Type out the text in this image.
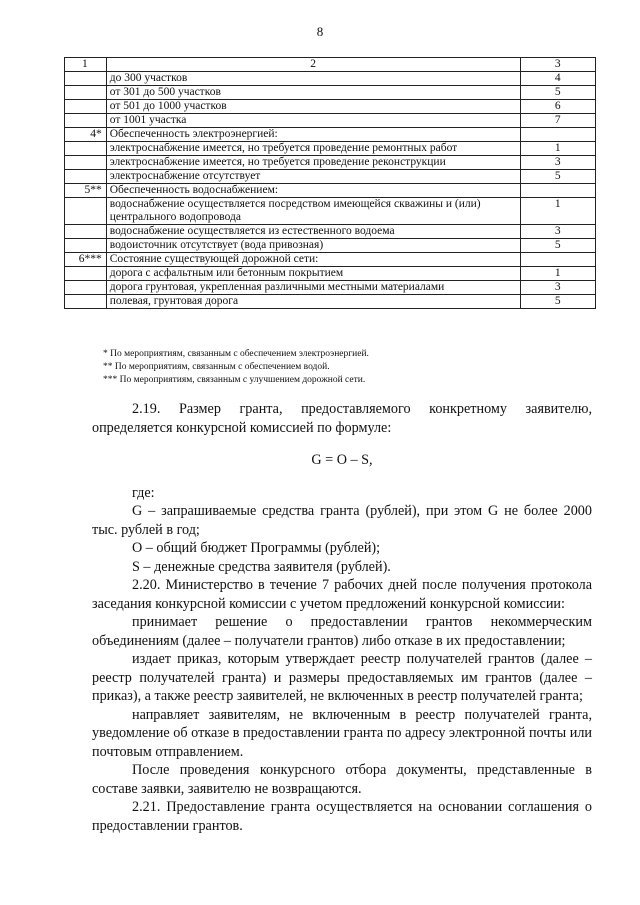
8
1	2	3
	до 300 участков	4
	от 301 до 500 участков	5
	от 501 до 1000 участков	6
	от 1001 участка	7
4*	Обеспеченность электроэнергией:	
	электроснабжение имеется, но требуется проведение ремонтных работ	1
	электроснабжение имеется, но требуется проведение реконструкции	3
	электроснабжение отсутствует	5
5**	Обеспеченность водоснабжением:	
	водоснабжение осуществляется посредством имеющейся скважины и (или) центрального водопровода	1
	водоснабжение осуществляется из естественного водоема	3
	водоисточник отсутствует (вода привозная)	5
6***	Состояние существующей дорожной сети:	
	дорога с асфальтным или бетонным покрытием	1
	дорога грунтовая, укрепленная различными местными материалами	3
	полевая, грунтовая дорога	5
* По мероприятиям, связанным с обеспечением электроэнергией.
** По мероприятиям, связанным с обеспечением водой.
*** По мероприятиям, связанным с улучшением дорожной сети.

2.19. Размер гранта, предоставляемого конкретному заявителю, определяется конкурсной комиссией по формуле:

G = O – S,

где:

G – запрашиваемые средства гранта (рублей), при этом G не более 2000 тыс. рублей в год;

O – общий бюджет Программы (рублей);

S – денежные средства заявителя (рублей).

2.20. Министерство в течение 7 рабочих дней после получения протокола заседания конкурсной комиссии с учетом предложений конкурсной комиссии:

принимает решение о предоставлении грантов некоммерческим объединениям (далее – получатели грантов) либо отказе в их предоставлении;

издает приказ, которым утверждает реестр получателей грантов (далее – реестр получателей гранта) и размеры предоставляемых им грантов (далее – приказ), а также реестр заявителей, не включенных в реестр получателей гранта;

направляет заявителям, не включенным в реестр получателей гранта, уведомление об отказе в предоставлении гранта по адресу электронной почты или почтовым отправлением.

После проведения конкурсного отбора документы, представленные в составе заявки, заявителю не возвращаются.

2.21. Предоставление гранта осуществляется на основании соглашения о предоставлении грантов.
